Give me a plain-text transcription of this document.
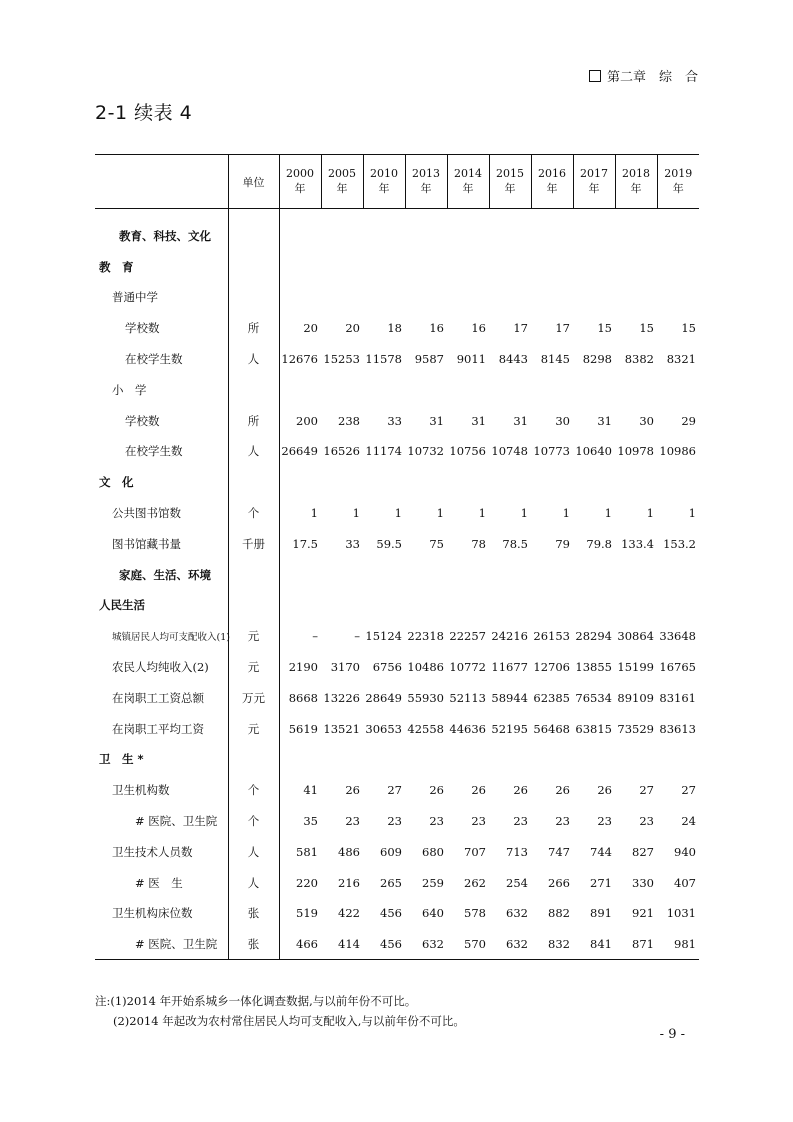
第二章　综　合
2-1 续表 4
	单位	2000 年	2005 年	2010 年	2013 年	2014 年	2015 年	2016 年	2017 年	2018 年	2019 年

教育、科技、文化											
教　育											
普通中学											
学校数	所	20	20	18	16	16	17	17	15	15	15
在校学生数	人	12676	15253	11578	9587	9011	8443	8145	8298	8382	8321
小　学											
学校数	所	200	238	33	31	31	31	30	31	30	29
在校学生数	人	26649	16526	11174	10732	10756	10748	10773	10640	10978	10986
文　化											
公共图书馆数	个	1	1	1	1	1	1	1	1	1	1
图书馆藏书量	千册	17.5	33	59.5	75	78	78.5	79	79.8	133.4	153.2
家庭、生活、环境											
人民生活											
城镇居民人均可支配收入(1)	元	–	–	15124	22318	22257	24216	26153	28294	30864	33648
农民人均纯收入(2)	元	2190	3170	6756	10486	10772	11677	12706	13855	15199	16765
在岗职工工资总额	万元	8668	13226	28649	55930	52113	58944	62385	76534	89109	83161
在岗职工平均工资	元	5619	13521	30653	42558	44636	52195	56468	63815	73529	83613
卫　生 *											
卫生机构数	个	41	26	27	26	26	26	26	26	27	27
# 医院、卫生院	个	35	23	23	23	23	23	23	23	23	24
卫生技术人员数	人	581	486	609	680	707	713	747	744	827	940
# 医　生	人	220	216	265	259	262	254	266	271	330	407
卫生机构床位数	张	519	422	456	640	578	632	882	891	921	1031
# 医院、卫生院	张	466	414	456	632	570	632	832	841	871	981
注:(1)2014 年开始系城乡一体化调查数据,与以前年份不可比。
(2)2014 年起改为农村常住居民人均可支配收入,与以前年份不可比。
- 9 -
